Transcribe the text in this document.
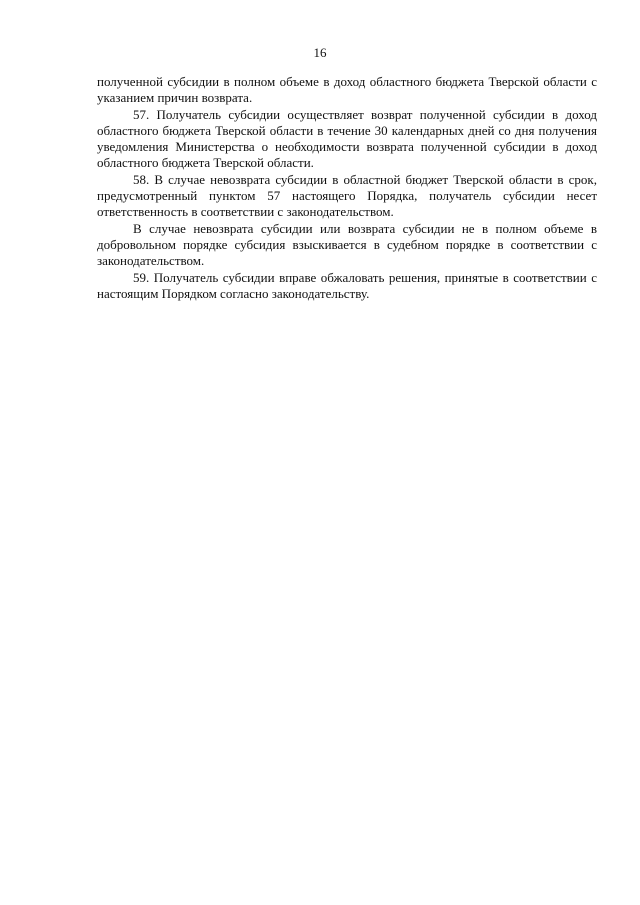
16

полученной субсидии в полном объеме в доход областного бюджета Тверской области с указанием причин возврата.

57. Получатель субсидии осуществляет возврат полученной субсидии в доход областного бюджета Тверской области в течение 30 календарных дней со дня получения уведомления Министерства о необходимости возврата полученной субсидии в доход областного бюджета Тверской области.

58. В случае невозврата субсидии в областной бюджет Тверской области в срок, предусмотренный пунктом 57 настоящего Порядка, получатель субсидии несет ответственность в соответствии с законодательством.

В случае невозврата субсидии или возврата субсидии не в полном объеме в добровольном порядке субсидия взыскивается в судебном порядке в соответствии с законодательством.

59. Получатель субсидии вправе обжаловать решения, принятые в соответствии с настоящим Порядком согласно законодательству.
